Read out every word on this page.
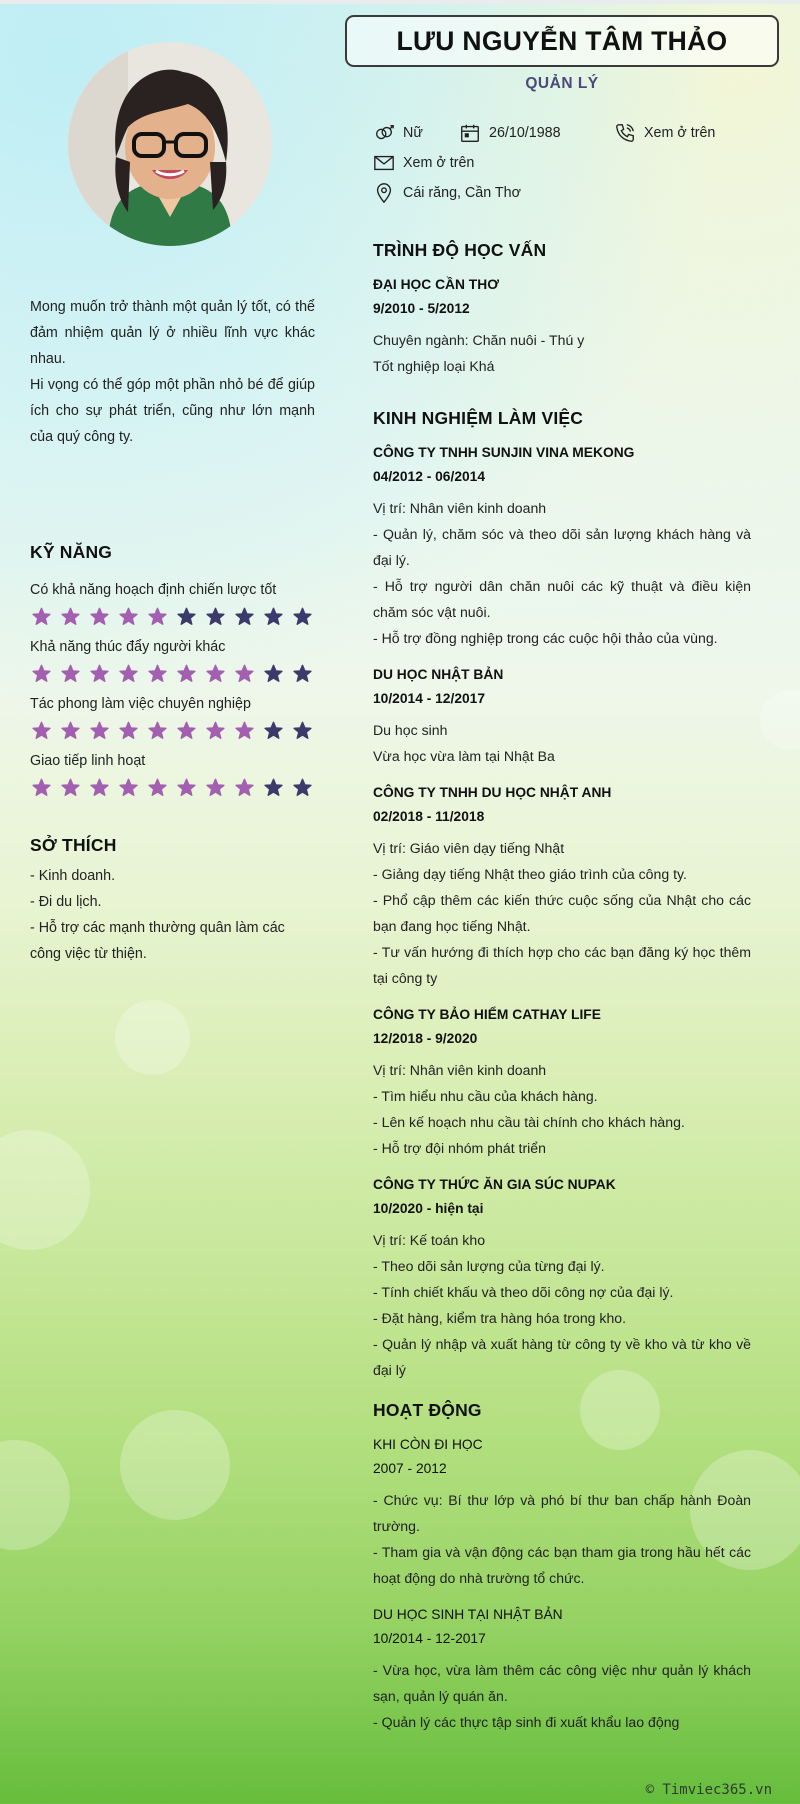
Mong muốn trở thành một quản lý tốt, có thể đảm nhiệm quản lý ở nhiều lĩnh vực khác nhau.

Hi vọng có thể góp một phần nhỏ bé để giúp ích cho sự phát triển, cũng như lớn mạnh của quý công ty.

KỸ NĂNG
Có khả năng hoạch định chiến lược tốt
Khả năng thúc đẩy người khác
Tác phong làm việc chuyên nghiệp
Giao tiếp linh hoạt
SỞ THÍCH
- Kinh doanh.
- Đi du lịch.
- Hỗ trợ các mạnh thường quân làm các công việc từ thiện.
LƯU NGUYỄN TÂM THẢO
QUẢN LÝ
Nữ	26/10/1988	Xem ở trên
Xem ở trên
Cái răng, Cần Thơ
TRÌNH ĐỘ HỌC VẤN
ĐẠI HỌC CẦN THƠ
9/2010 - 5/2012
Chuyên ngành: Chăn nuôi - Thú y
Tốt nghiệp loại Khá
KINH NGHIỆM LÀM VIỆC
CÔNG TY TNHH SUNJIN VINA MEKONG
04/2012 - 06/2014
Vị trí: Nhân viên kinh doanh
- Quản lý, chăm sóc và theo dõi sản lượng khách hàng và đại lý.
- Hỗ trợ người dân chăn nuôi các kỹ thuật và điều kiện chăm sóc vật nuôi.
- Hỗ trợ đồng nghiệp trong các cuộc hội thảo của vùng.
DU HỌC NHẬT BẢN
10/2014 - 12/2017
Du học sinh
Vừa học vừa làm tại Nhật Ba
CÔNG TY TNHH DU HỌC NHẬT ANH
02/2018 - 11/2018
Vị trí: Giáo viên dạy tiếng Nhật
- Giảng dạy tiếng Nhật theo giáo trình của công ty.
- Phổ cập thêm các kiến thức cuộc sống của Nhật cho các bạn đang học tiếng Nhật.
- Tư vấn hướng đi thích hợp cho các bạn đăng ký học thêm tại công ty
CÔNG TY BẢO HIỂM CATHAY LIFE
12/2018 - 9/2020
Vị trí: Nhân viên kinh doanh
- Tìm hiểu nhu cầu của khách hàng.
- Lên kế hoạch nhu cầu tài chính cho khách hàng.
- Hỗ trợ đội nhóm phát triển
CÔNG TY THỨC ĂN GIA SÚC NUPAK
10/2020 - hiện tại
Vị trí: Kế toán kho
- Theo dõi sản lượng của từng đại lý.
- Tính chiết khấu và theo dõi công nợ của đại lý.
- Đặt hàng, kiểm tra hàng hóa trong kho.
- Quản lý nhập và xuất hàng từ công ty về kho và từ kho về đại lý
HOẠT ĐỘNG
KHI CÒN ĐI HỌC
2007 - 2012
- Chức vụ: Bí thư lớp và phó bí thư ban chấp hành Đoàn trường.
- Tham gia và vận động các bạn tham gia trong hầu hết các hoạt động do nhà trường tổ chức.
DU HỌC SINH TẠI NHẬT BẢN
10/2014 - 12-2017
- Vừa học, vừa làm thêm các công việc như quản lý khách sạn, quản lý quán ăn.
- Quản lý các thực tập sinh đi xuất khẩu lao động
© Timviec365.vn
